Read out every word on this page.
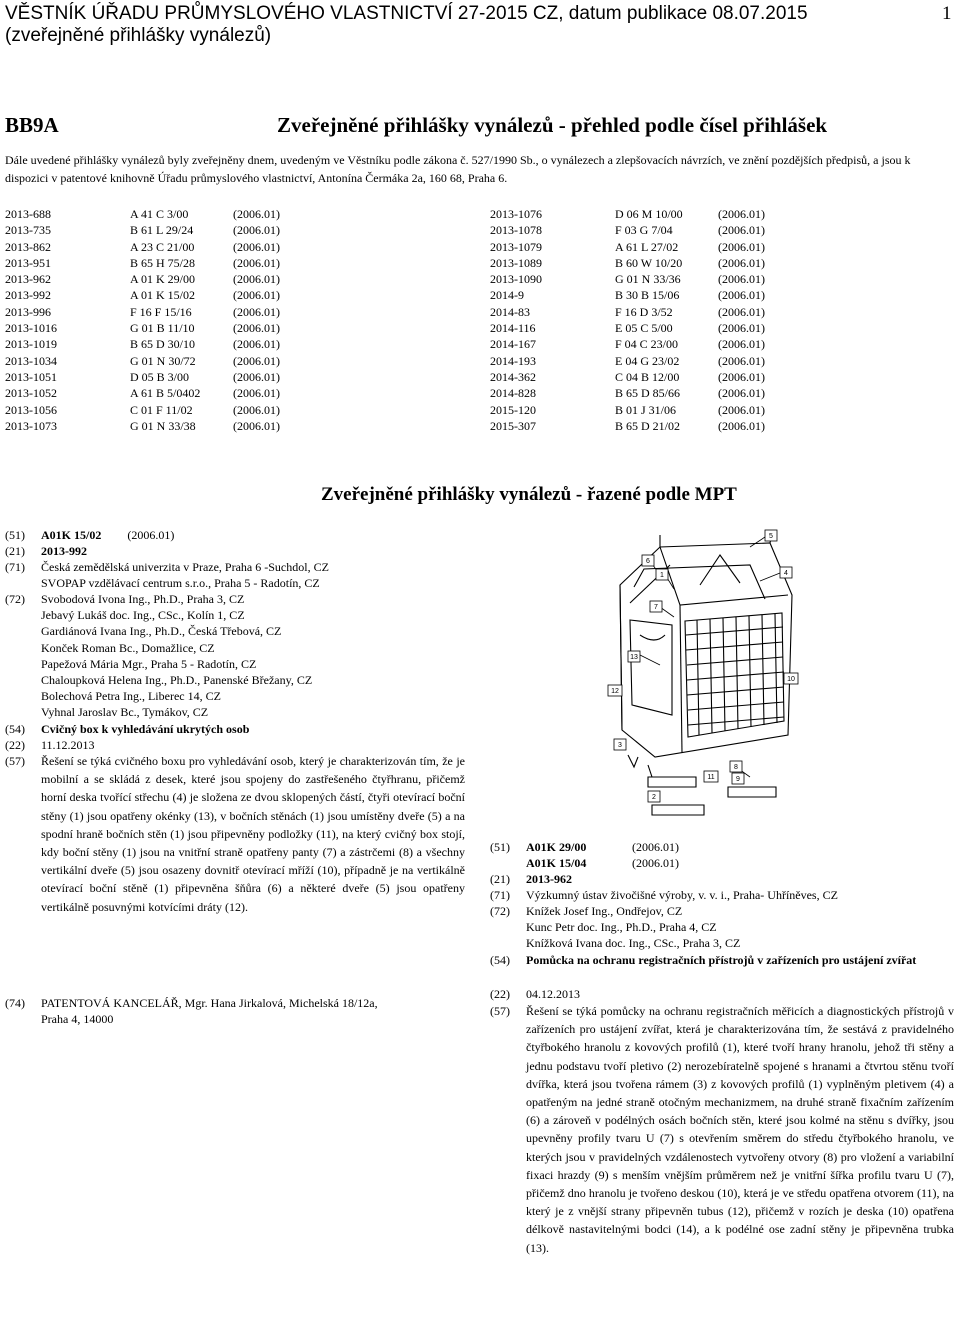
VĚSTNÍK ÚŘADU PRŮMYSLOVÉHO VLASTNICTVÍ 27-2015 CZ, datum publikace 08.07.2015
(zveřejněné přihlášky vynálezů)
1
BB9A	Zveřejněné přihlášky vynálezů - přehled podle čísel přihlášek
Dále uvedené přihlášky vynálezů byly zveřejněny dnem, uvedeným ve Věstníku podle zákona č. 527/1990 Sb., o vynálezech a zlepšovacích návrzích, ve znění pozdějších předpisů, a jsou k dispozici v patentové knihovně Úřadu průmyslového vlastnictví, Antonína Čermáka 2a, 160 68, Praha 6.
2013-688	A 41 C 3/00	(2006.01)
2013-735	B 61 L 29/24	(2006.01)
2013-862	A 23 C 21/00	(2006.01)
2013-951	B 65 H 75/28	(2006.01)
2013-962	A 01 K 29/00	(2006.01)
2013-992	A 01 K 15/02	(2006.01)
2013-996	F 16 F 15/16	(2006.01)
2013-1016	G 01 B 11/10	(2006.01)
2013-1019	B 65 D 30/10	(2006.01)
2013-1034	G 01 N 30/72	(2006.01)
2013-1051	D 05 B 3/00	(2006.01)
2013-1052	A 61 B 5/0402	(2006.01)
2013-1056	C 01 F 11/02	(2006.01)
2013-1073	G 01 N 33/38	(2006.01)
2013-1076	D 06 M 10/00	(2006.01)
2013-1078	F 03 G 7/04	(2006.01)
2013-1079	A 61 L 27/02	(2006.01)
2013-1089	B 60 W 10/20	(2006.01)
2013-1090	G 01 N 33/36	(2006.01)
2014-9	B 30 B 15/06	(2006.01)
2014-83	F 16 D 3/52	(2006.01)
2014-116	E 05 C 5/00	(2006.01)
2014-167	F 04 C 23/00	(2006.01)
2014-193	E 04 G 23/02	(2006.01)
2014-362	C 04 B 12/00	(2006.01)
2014-828	B 65 D 85/66	(2006.01)
2015-120	B 01 J 31/06	(2006.01)
2015-307	B 65 D 21/02	(2006.01)
Zveřejněné přihlášky vynálezů - řazené podle MPT
(51) A01K 15/02 (2006.01)
(21) 2013-992
(71) Česká zemědělská univerzita v Praze, Praha 6 -Suchdol, CZ
SVOPAP vzdělávací centrum s.r.o., Praha 5 - Radotín, CZ
(72) Svobodová Ivona Ing., Ph.D., Praha 3, CZ
Jebavý Lukáš doc. Ing., CSc., Kolín 1, CZ
Gardiánová Ivana Ing., Ph.D., Česká Třebová, CZ
Konček Roman Bc., Domažlice, CZ
Papežová Mária Mgr., Praha 5 - Radotín, CZ
Chaloupková Helena Ing., Ph.D., Panenské Břežany, CZ
Bolechová Petra Ing., Liberec 14, CZ
Vyhnal Jaroslav Bc., Tymákov, CZ
(54) Cvičný box k vyhledávání ukrytých osob
(22) 11.12.2013
(57) Řešení se týká cvičného boxu pro vyhledávání osob, který je charakterizován tím, že je mobilní a se skládá z desek, které jsou spojeny do zastřešeného čtyřhranu, přičemž horní deska tvořící střechu (4) je složena ze dvou sklopených částí, čtyři otevírací boční stěny (1) jsou opatřeny okénky (13), v bočních stěnách (1) jsou umístěny dveře (5) a na spodní hraně bočních stěn (1) jsou připevněny podložky (11), na který cvičný box stojí, kdy boční stěny (1) jsou na vnitřní straně opatřeny panty (7) a zástrčemi (8) a všechny vertikální dveře (5) jsou osazeny dovnitř otevírací mříží (10), případně je na vertikálně otevírací boční stěně (1) připevněna šňůra (6) a některé dveře (5) jsou opatřeny vertikálně posuvnými kotvícími dráty (12).
(74) PATENTOVÁ KANCELÁŘ, Mgr. Hana Jirkalová, Michelská 18/12a,
Praha 4, 14000
5
4
6
1
7
13
8
2
9
3
11
10
12
(51) A01K 29/00	(2006.01)
A01K 15/04	(2006.01)
(21) 2013-962
(71) Výzkumný ústav živočišné výroby, v. v. i., Praha- Uhříněves, CZ
(72) Knížek Josef Ing., Ondřejov, CZ
Kunc Petr doc. Ing., Ph.D., Praha 4, CZ
Knížková Ivana doc. Ing., CSc., Praha 3, CZ
(54) Pomůcka na ochranu registračních přístrojů v zařízeních pro ustájení zvířat
(22) 04.12.2013
(57) Řešení se týká pomůcky na ochranu registračních měřicích a diagnostických přístrojů v zařízeních pro ustájení zvířat, která je charakterizována tím, že sestává z pravidelného čtyřbokého hranolu z kovových profilů (1), které tvoří hrany hranolu, jehož tři stěny a jednu podstavu tvoří pletivo (2) nerozebíratelně spojené s hranami a čtvrtou stěnu tvoří dvířka, která jsou tvořena rámem (3) z kovových profilů (1) vyplněným pletivem (4) a opatřeným na jedné straně otočným mechanizmem, na druhé straně fixačním zařízením (6) a zároveň v podélných osách bočních stěn, které jsou kolmé na stěnu s dvířky, jsou upevněny profily tvaru U (7) s otevřením směrem do středu čtyřbokého hranolu, ve kterých jsou v pravidelných vzdálenostech vytvořeny otvory (8) pro vložení a variabilní fixaci hrazdy (9) s menším vnějším průměrem než je vnitřní šířka profilu tvaru U (7), přičemž dno hranolu je tvořeno deskou (10), která je ve středu opatřena otvorem (11), na který je z vnější strany připevněn tubus (12), přičemž v rozích je deska (10) opatřena délkově nastavitelnými bodci (14), a k podélné ose zadní stěny je připevněna trubka (13).
